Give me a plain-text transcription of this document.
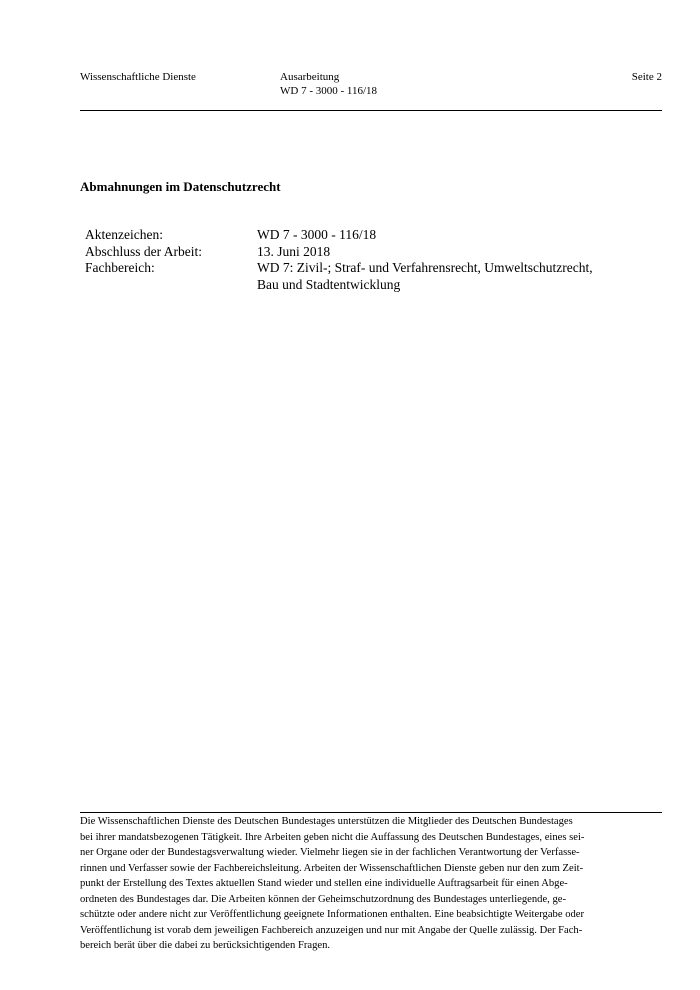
Wissenschaftliche Dienste	Ausarbeitung
WD 7 - 3000 - 116/18
Seite 2
Abmahnungen im Datenschutzrecht
Aktenzeichen:	WD 7 - 3000 - 116/18
Abschluss der Arbeit:	13. Juni 2018
Fachbereich:	WD 7: Zivil-; Straf- und Verfahrensrecht, Umweltschutzrecht,
Bau und Stadtentwicklung
Die Wissenschaftlichen Dienste des Deutschen Bundestages unterstützen die Mitglieder des Deutschen Bundestages
bei ihrer mandatsbezogenen Tätigkeit. Ihre Arbeiten geben nicht die Auffassung des Deutschen Bundestages, eines sei-
ner Organe oder der Bundestagsverwaltung wieder. Vielmehr liegen sie in der fachlichen Verantwortung der Verfasse-
rinnen und Verfasser sowie der Fachbereichsleitung. Arbeiten der Wissenschaftlichen Dienste geben nur den zum Zeit-
punkt der Erstellung des Textes aktuellen Stand wieder und stellen eine individuelle Auftragsarbeit für einen Abge-
ordneten des Bundestages dar. Die Arbeiten können der Geheimschutzordnung des Bundestages unterliegende, ge-
schützte oder andere nicht zur Veröffentlichung geeignete Informationen enthalten. Eine beabsichtigte Weitergabe oder
Veröffentlichung ist vorab dem jeweiligen Fachbereich anzuzeigen und nur mit Angabe der Quelle zulässig. Der Fach-
bereich berät über die dabei zu berücksichtigenden Fragen.
